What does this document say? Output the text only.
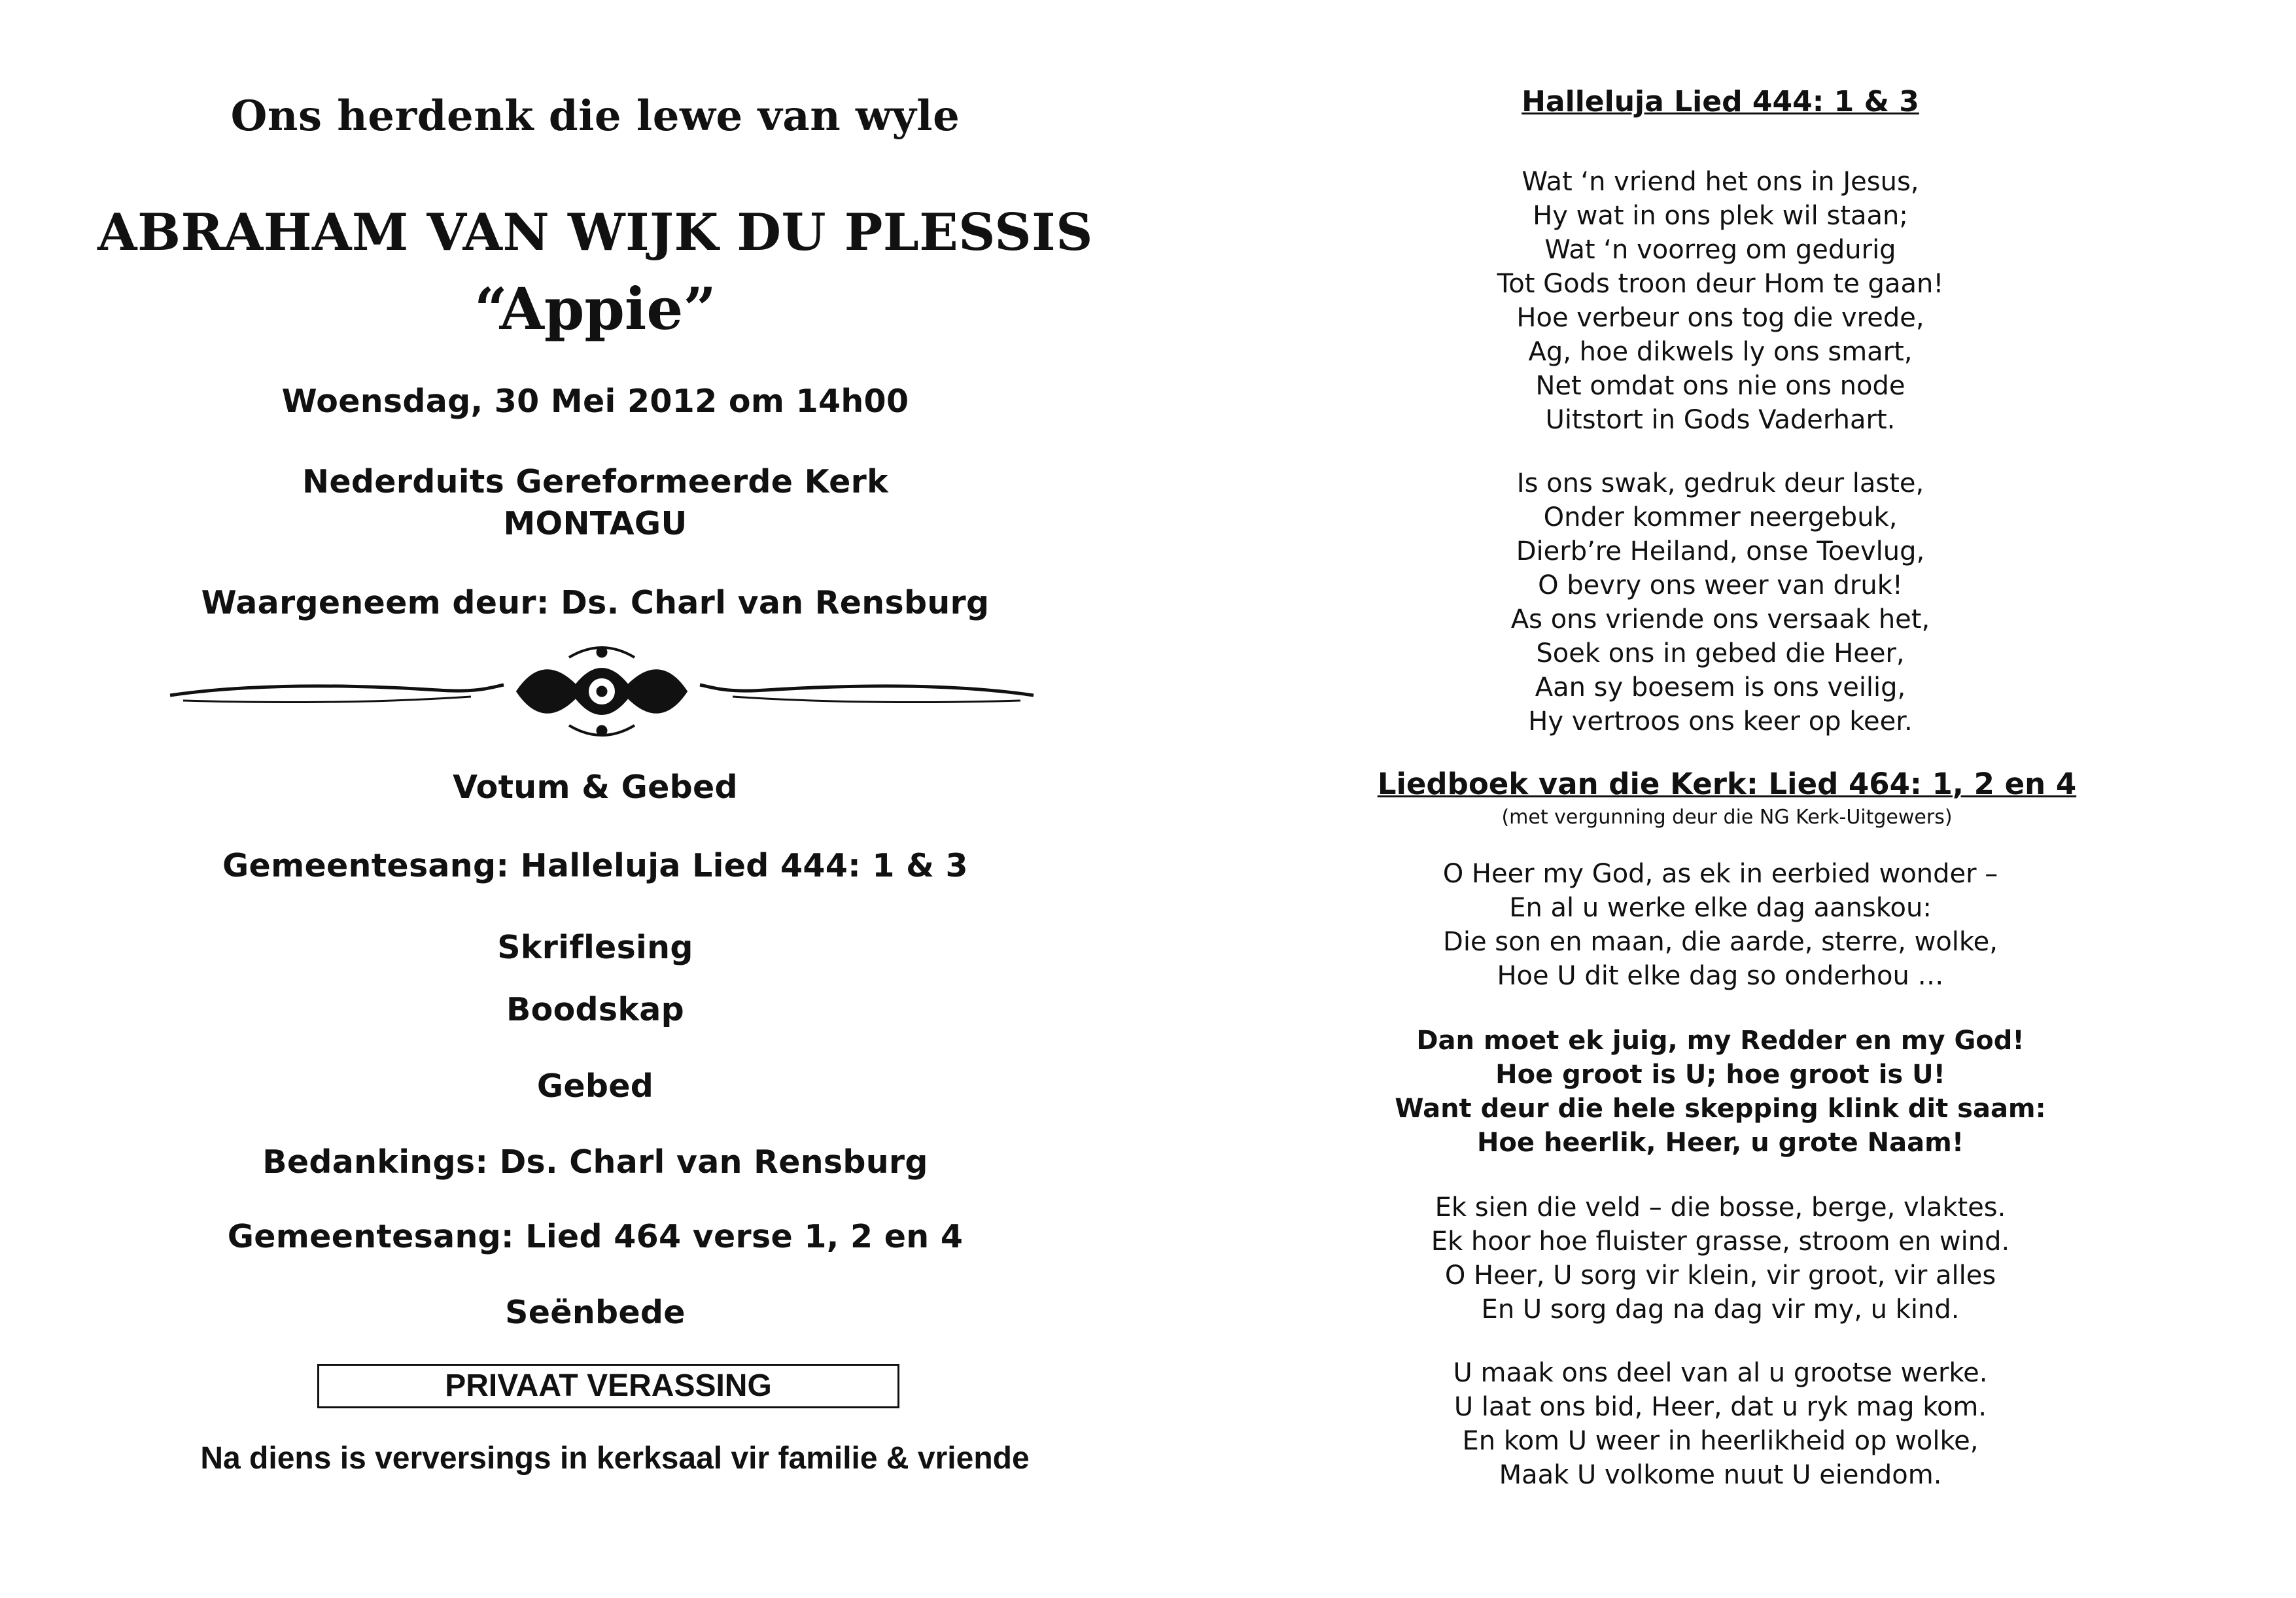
Ons herdenk die lewe van wyle
ABRAHAM VAN WIJK DU PLESSIS
“Appie”
Woensdag, 30 Mei 2012 om 14h00
Nederduits Gereformeerde Kerk
MONTAGU
Waargeneem deur: Ds. Charl van Rensburg
Votum & Gebed
Gemeentesang: Halleluja Lied 444: 1 & 3
Skriflesing
Boodskap
Gebed
Bedankings: Ds. Charl van Rensburg
Gemeentesang: Lied 464 verse 1, 2 en 4
Seënbede
PRIVAAT VERASSING
Na diens is verversings in kerksaal vir familie & vriende
Halleluja Lied 444: 1 & 3
Wat ‘n vriend het ons in Jesus,
Hy wat in ons plek wil staan;
Wat ‘n voorreg om gedurig
Tot Gods troon deur Hom te gaan!
Hoe verbeur ons tog die vrede,
Ag, hoe dikwels ly ons smart,
Net omdat ons nie ons node
Uitstort in Gods Vaderhart.
Is ons swak, gedruk deur laste,
Onder kommer neergebuk,
Dierb’re Heiland, onse Toevlug,
O bevry ons weer van druk!
As ons vriende ons versaak het,
Soek ons in gebed die Heer,
Aan sy boesem is ons veilig,
Hy vertroos ons keer op keer.
Liedboek van die Kerk: Lied 464: 1, 2 en 4
(met vergunning deur die NG Kerk-Uitgewers)
O Heer my God, as ek in eerbied wonder –
En al u werke elke dag aanskou:
Die son en maan, die aarde, sterre, wolke,
Hoe U dit elke dag so onderhou …
Dan moet ek juig, my Redder en my God!
Hoe groot is U; hoe groot is U!
Want deur die hele skepping klink dit saam:
Hoe heerlik, Heer, u grote Naam!
Ek sien die veld – die bosse, berge, vlaktes.
Ek hoor hoe fluister grasse, stroom en wind.
O Heer, U sorg vir klein, vir groot, vir alles
En U sorg dag na dag vir my, u kind.
U maak ons deel van al u grootse werke.
U laat ons bid, Heer, dat u ryk mag kom.
En kom U weer in heerlikheid op wolke,
Maak U volkome nuut U eiendom.
